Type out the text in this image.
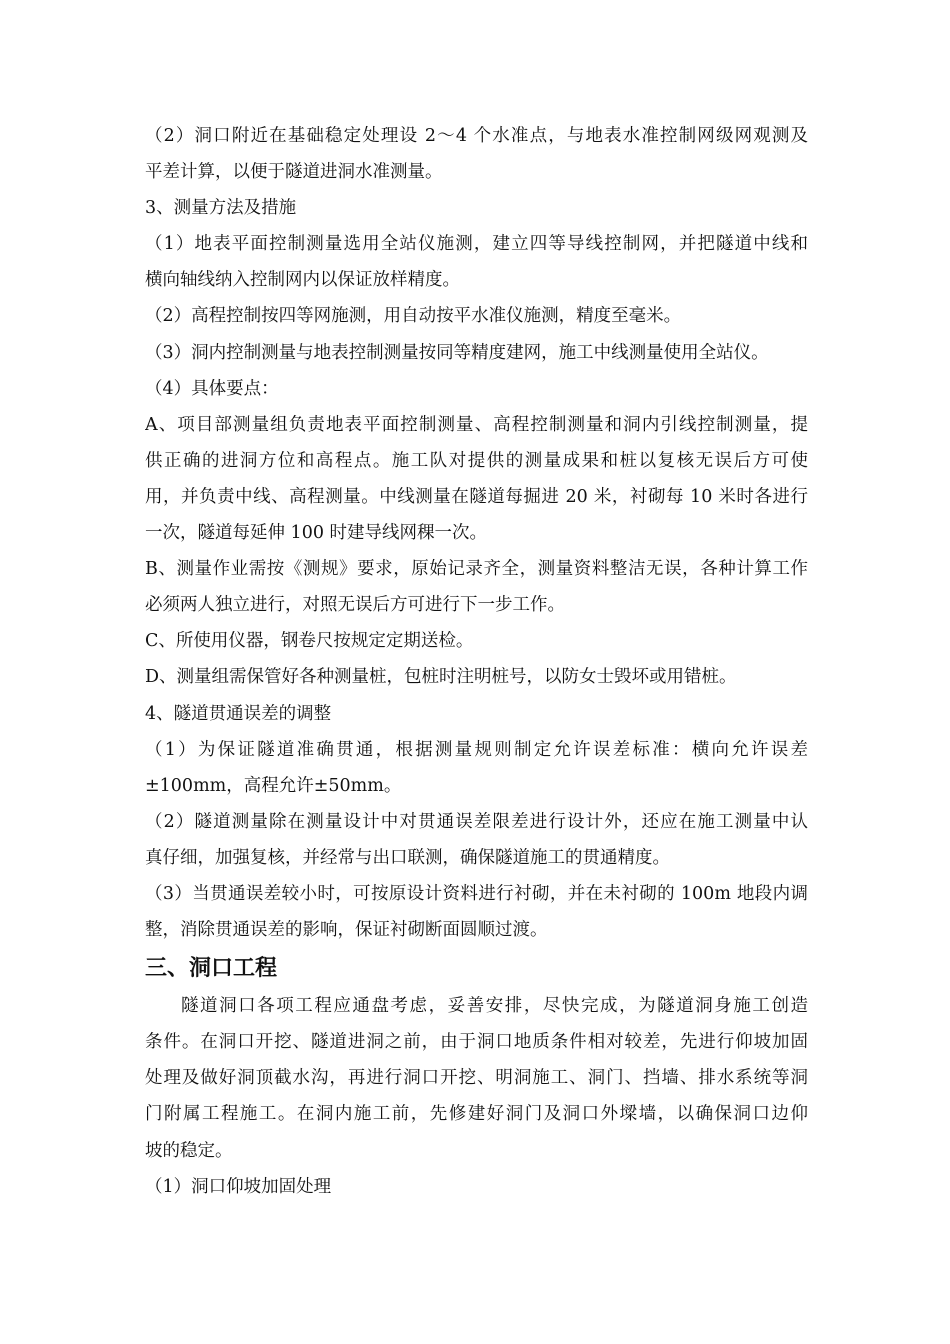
（2）洞口附近在基础稳定处理设 2～4 个水准点，与地表水准控制网级网观测及
平差计算，以便于隧道进洞水准测量。
3、测量方法及措施
（1）地表平面控制测量选用全站仪施测，建立四等导线控制网，并把隧道中线和
横向轴线纳入控制网内以保证放样精度。
（2）高程控制按四等网施测，用自动按平水准仪施测，精度至毫米。
（3）洞内控制测量与地表控制测量按同等精度建网，施工中线测量使用全站仪。
（4）具体要点：
A、项目部测量组负责地表平面控制测量、高程控制测量和洞内引线控制测量，提
供正确的进洞方位和高程点。施工队对提供的测量成果和桩以复核无误后方可使
用，并负责中线、高程测量。中线测量在隧道每掘进 20 米，衬砌每 10 米时各进行
一次，隧道每延伸 100 时建导线网稞一次。
B、测量作业需按《测规》要求，原始记录齐全，测量资料整洁无误，各种计算工作
必须两人独立进行，对照无误后方可进行下一步工作。
C、所使用仪器，钢卷尺按规定定期送检。
D、测量组需保管好各种测量桩，包桩时注明桩号，以防女士毁坏或用错桩。
4、隧道贯通误差的调整
（1）为保证隧道准确贯通，根据测量规则制定允许误差标准：横向允许误差
±100mm，高程允许±50mm。
（2）隧道测量除在测量设计中对贯通误差限差进行设计外，还应在施工测量中认
真仔细，加强复核，并经常与出口联测，确保隧道施工的贯通精度。
（3）当贯通误差较小时，可按原设计资料进行衬砌，并在未衬砌的 100m 地段内调
整，消除贯通误差的影响，保证衬砌断面圆顺过渡。
三、洞口工程
隧道洞口各项工程应通盘考虑，妥善安排，尽快完成，为隧道洞身施工创造
条件。在洞口开挖、隧道进洞之前，由于洞口地质条件相对较差，先进行仰坡加固
处理及做好洞顶截水沟，再进行洞口开挖、明洞施工、洞门、挡墙、排水系统等洞
门附属工程施工。在洞内施工前，先修建好洞门及洞口外墚墙，以确保洞口边仰
坡的稳定。
（1）洞口仰坡加固处理
